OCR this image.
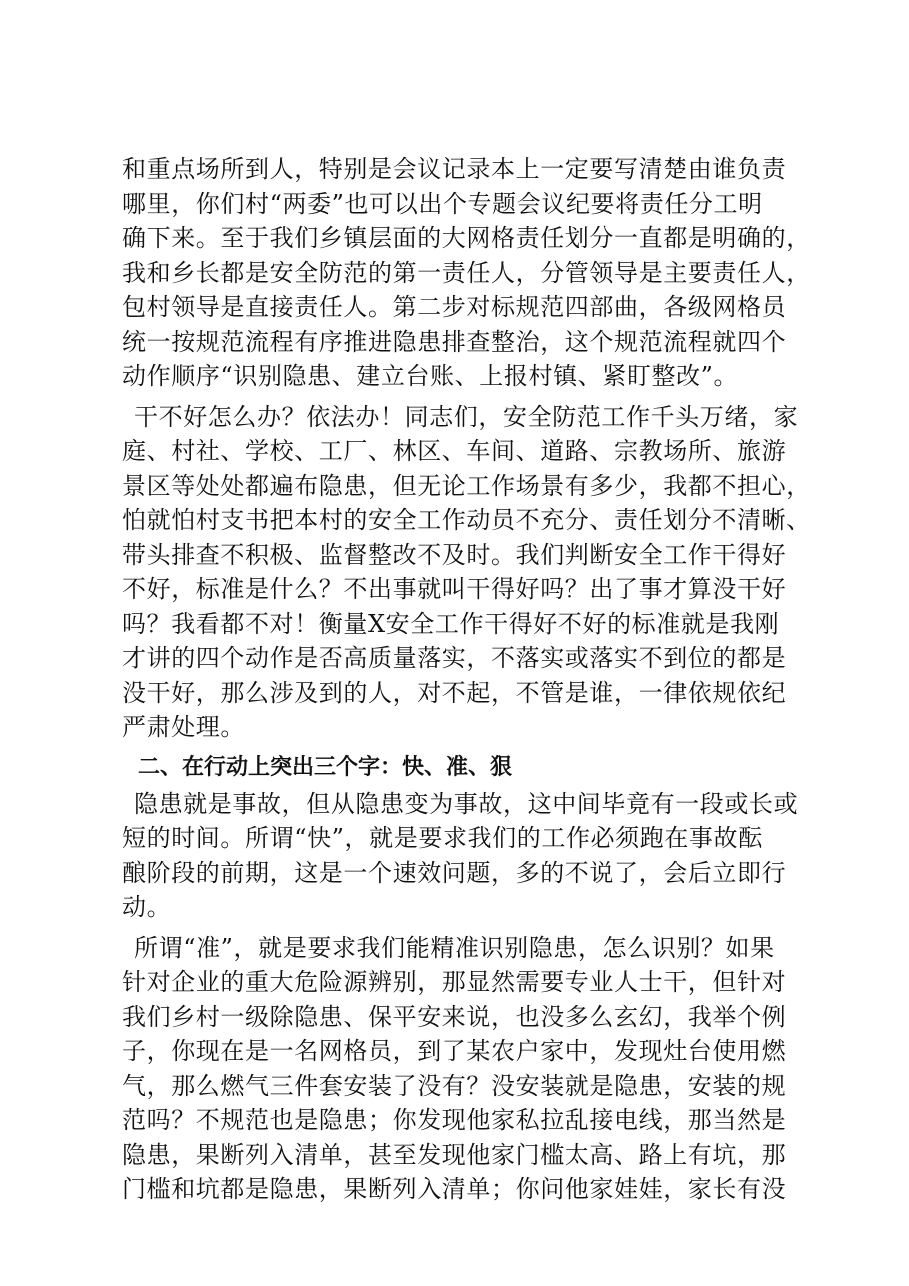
和重点场所到人，特别是会议记录本上一定要写清楚由谁负责
哪里，你们村“两委”也可以出个专题会议纪要将责任分工明
确下来。至于我们乡镇层面的大网格责任划分一直都是明确的，
我和乡长都是安全防范的第一责任人，分管领导是主要责任人，
包村领导是直接责任人。第二步对标规范四部曲，各级网格员
统一按规范流程有序推进隐患排查整治，这个规范流程就四个
动作顺序“识别隐患、建立台账、上报村镇、紧盯整改”。

干不好怎么办？依法办！同志们，安全防范工作千头万绪，家
庭、村社、学校、工厂、林区、车间、道路、宗教场所、旅游
景区等处处都遍布隐患，但无论工作场景有多少，我都不担心，
怕就怕村支书把本村的安全工作动员不充分、责任划分不清晰、
带头排查不积极、监督整改不及时。我们判断安全工作干得好
不好，标准是什么？不出事就叫干得好吗？出了事才算没干好
吗？我看都不对！衡量X安全工作干得好不好的标准就是我刚
才讲的四个动作是否高质量落实，不落实或落实不到位的都是
没干好，那么涉及到的人，对不起，不管是谁，一律依规依纪
严肃处理。

二、在行动上突出三个字：快、准、狠

隐患就是事故，但从隐患变为事故，这中间毕竟有一段或长或
短的时间。所谓“快”，就是要求我们的工作必须跑在事故酝
酿阶段的前期，这是一个速效问题，多的不说了，会后立即行
动。

所谓“准”，就是要求我们能精准识别隐患，怎么识别？如果
针对企业的重大危险源辨别，那显然需要专业人士干，但针对
我们乡村一级除隐患、保平安来说，也没多么玄幻，我举个例
子，你现在是一名网格员，到了某农户家中，发现灶台使用燃
气，那么燃气三件套安装了没有？没安装就是隐患，安装的规
范吗？不规范也是隐患；你发现他家私拉乱接电线，那当然是
隐患，果断列入清单，甚至发现他家门槛太高、路上有坑，那
门槛和坑都是隐患，果断列入清单；你问他家娃娃，家长有没
